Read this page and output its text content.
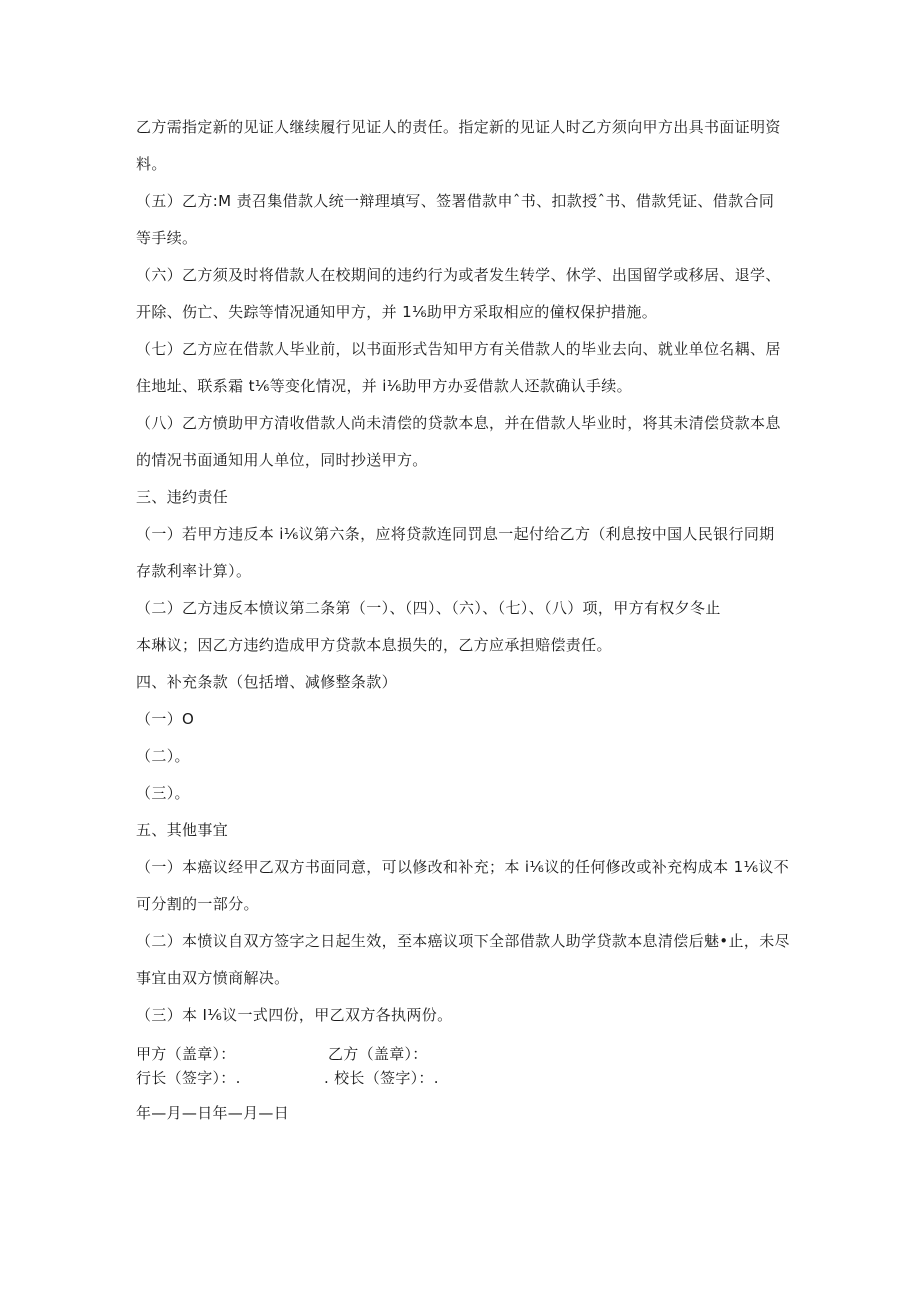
乙方需指定新的见证人继续履行见证人的责任。指定新的见证人时乙方须向甲方出具书面证明资
料。
（五）乙方:M 责召集借款人统一辩理填写、签署借款申ˆ书、扣款授ˆ书、借款凭证、借款合同
等手续。
（六）乙方须及时将借款人在校期间的违约行为或者发生转学、休学、出国留学或移居、退学、
开除、伤亡、失踪等情况通知甲方，并 1⅙助甲方采取相应的僮权保护措施。
（七）乙方应在借款人毕业前，以书面形式告知甲方有关借款人的毕业去向、就业单位名耦、居
住地址、联系霜 t⅙等变化情况，并 i⅙助甲方办妥借款人还款确认手续。
（八）乙方愤助甲方清收借款人尚未清偿的贷款本息，并在借款人毕业时，将其未清偿贷款本息
的情况书面通知用人单位，同时抄送甲方。
三、违约责任
（一）若甲方违反本 i⅙议第六条，应将贷款连同罚息一起付给乙方（利息按中国人民银行同期
存款利率计算）。
（二）乙方违反本愤议第二条第（一）、（四）、（六）、（七）、（八）项，甲方有权夕冬止
本琳议；因乙方违约造成甲方贷款本息损失的，乙方应承担赔偿责任。
四、补充条款（包括增、减修整条款）
（一）O
（二）。
（三）。
五、其他事宜
（一）本癌议经甲乙双方书面同意，可以修改和补充；本 i⅙议的任何修改或补充构成本 1⅙议不
可分割的一部分。
（二）本愤议自双方签字之日起生效，至本癌议项下全部借款人助学贷款本息清偿后魅•止，未尽
事宜由双方愤商解决。
（三）本 I⅙议一式四份，甲乙双方各执两份。
甲方（盖章）：	乙方（盖章）：
行长（签字）：.	. 校长（签字）：.
年—月—日年—月—日
